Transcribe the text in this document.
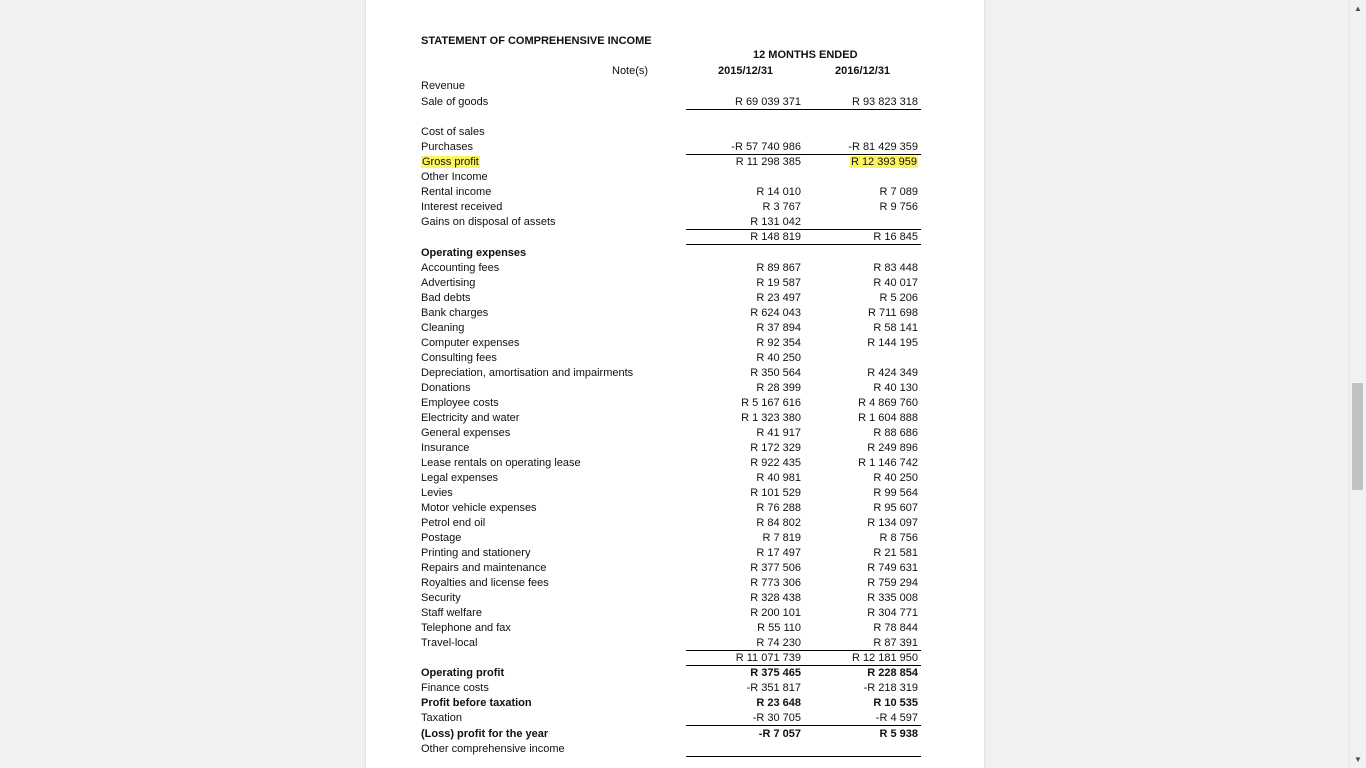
STATEMENT OF COMPREHENSIVE INCOME
12 MONTHS ENDED
Note(s)	2015/12/31	2016/12/31
Revenue
Sale of goods	R 69 039 371	R 93 823 318
Cost of sales
Purchases	-R 57 740 986	-R 81 429 359
Gross profit	R 11 298 385	R 12 393 959
Other Income
Rental income	R 14 010	R 7 089
Interest received	R 3 767	R 9 756
Gains on disposal of assets	R 131 042
R 148 819	R 16 845
Operating expenses
Accounting fees	R 89 867	R 83 448
Advertising	R 19 587	R 40 017
Bad debts	R 23 497	R 5 206
Bank charges	R 624 043	R 711 698
Cleaning	R 37 894	R 58 141
Computer expenses	R 92 354	R 144 195
Consulting fees	R 40 250
Depreciation, amortisation and impairments	R 350 564	R 424 349
Donations	R 28 399	R 40 130
Employee costs	R 5 167 616	R 4 869 760
Electricity and water	R 1 323 380	R 1 604 888
General expenses	R 41 917	R 88 686
Insurance	R 172 329	R 249 896
Lease rentals on operating lease	R 922 435	R 1 146 742
Legal expenses	R 40 981	R 40 250
Levies	R 101 529	R 99 564
Motor vehicle expenses	R 76 288	R 95 607
Petrol end oil	R 84 802	R 134 097
Postage	R 7 819	R 8 756
Printing and stationery	R 17 497	R 21 581
Repairs and maintenance	R 377 506	R 749 631
Royalties and license fees	R 773 306	R 759 294
Security	R 328 438	R 335 008
Staff welfare	R 200 101	R 304 771
Telephone and fax	R 55 110	R 78 844
Travel-local	R 74 230	R 87 391
R 11 071 739	R 12 181 950
Operating profit	R 375 465	R 228 854
Finance costs	-R 351 817	-R 218 319
Profit before taxation	R 23 648	R 10 535
Taxation	-R 30 705	-R 4 597
(Loss) profit for the year	-R 7 057	R 5 938
Other comprehensive income
▲
▼
